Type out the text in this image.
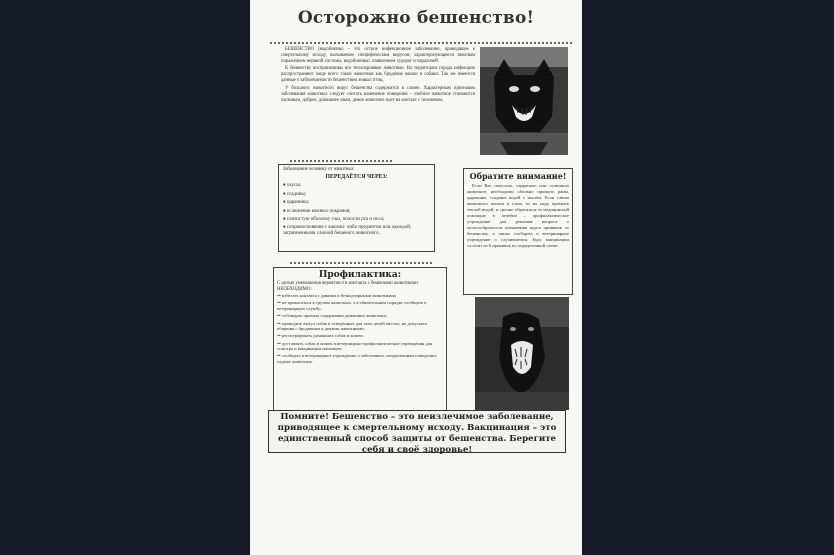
Осторожно бешенство!

БЕШЕНСТВО (водобоязнь) – это острое инфекционное заболевание, приводящее к смертельному исходу, вызываемое специфическим вирусом, характеризующееся тяжелым поражением нервной системы, водобоязнью, появлением судорог и параличей.

К бешенству восприимчивы все теплокровные животные. На территории города инфекцию распространяют чаще всего такие животные как бродячие кошки и собаки. Так же имеются данные о заболеваемости бешенством живых птиц.

У больного животного вирус бешенства содержится в слюне. Характерным признаком заболевания животных следует считать изменение поведения – злобное животное становится ласковым, доброе, домашнее злым, дикое животное идет на контакт с человеком.

Заболевание человеку от животных
ПЕРЕДАЁТСЯ ЧЕРЕЗ:
♦ укусы;
♦ ссадины;
♦ царапины;
♦ ослюнение кожных покровов;
♦ слизистую оболочку глаз, полости рта и носа;
♦ соприкосновение с какими- либо предметом или одеждой, загрязненными слюной бешеного животного.
Обратите внимание!
Если Вас покусало, оцарапало или ослюнило животное, необходимо обильно промыть раны, царапины, ссадины водой с мылом. Если слюна животного попала в глаза, то их надо промыть теплой водой, и срочно обратиться за медицинской помощью в лечебно – профилактическое учреждение для решения вопроса о целесообразности назначения курса прививок от бешенства, а также сообщить в ветеринарное учреждение о случившемся. Курс вакцинации состоит из 6 прививок по определенной схеме.
Профилактика:
С целью уменьшения вероятности контакта с бешеными животными НЕОБХОДИМО:
⇒ избегать контакта с дикими и безнадзорными животными;
⇒ не прикасаться к трупам животных, а в обязательном порядке сообщить в ветеринарную службу;
⇒ соблюдать правила содержания домашних животных;
⇒ проводить выгул собак в отведённых для этих целей местах, не допускать общения с бродячими и дикими животными;
⇒ регистрировать домашних собак и кошек;
⇒ доставлять собак и кошек в ветеринарно-профилактические учреждения для осмотра и вакцинации питомцев;
⇒ сообщать в ветеринарное учреждение о заболевших, неадекватным поведении, падеже животных.
Помните! Бешенство – это неизлечимое заболевание, приводящее к смертельному исходу. Вакцинация – это единственный способ защиты от бешенства. Берегите себя и своё здоровье!
